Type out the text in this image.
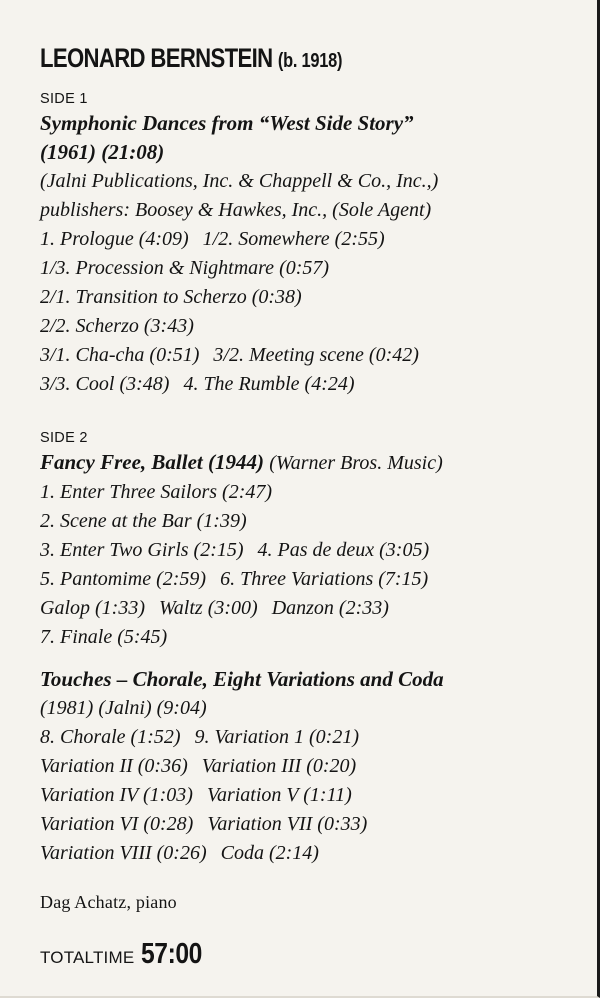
LEONARD BERNSTEIN (b. 1918)
SIDE 1
Symphonic Dances from “West Side Story”
(1961) (21:08)
(Jalni Publications, Inc. & Chappell & Co., Inc.,)
publishers: Boosey & Hawkes, Inc., (Sole Agent)
1. Prologue (4:09) 1/2. Somewhere (2:55)
1/3. Procession & Nightmare (0:57)
2/1. Transition to Scherzo (0:38)
2/2. Scherzo (3:43)
3/1. Cha-cha (0:51) 3/2. Meeting scene (0:42)
3/3. Cool (3:48) 4. The Rumble (4:24)
SIDE 2
Fancy Free, Ballet (1944) (Warner Bros. Music)
1. Enter Three Sailors (2:47)
2. Scene at the Bar (1:39)
3. Enter Two Girls (2:15) 4. Pas de deux (3:05)
5. Pantomime (2:59) 6. Three Variations (7:15)
Galop (1:33) Waltz (3:00) Danzon (2:33)
7. Finale (5:45)
Touches – Chorale, Eight Variations and Coda
(1981) (Jalni) (9:04)
8. Chorale (1:52) 9. Variation 1 (0:21)
Variation II (0:36) Variation III (0:20)
Variation IV (1:03) Variation V (1:11)
Variation VI (0:28) Variation VII (0:33)
Variation VIII (0:26) Coda (2:14)
Dag Achatz, piano
TOTALTIME 57:00
